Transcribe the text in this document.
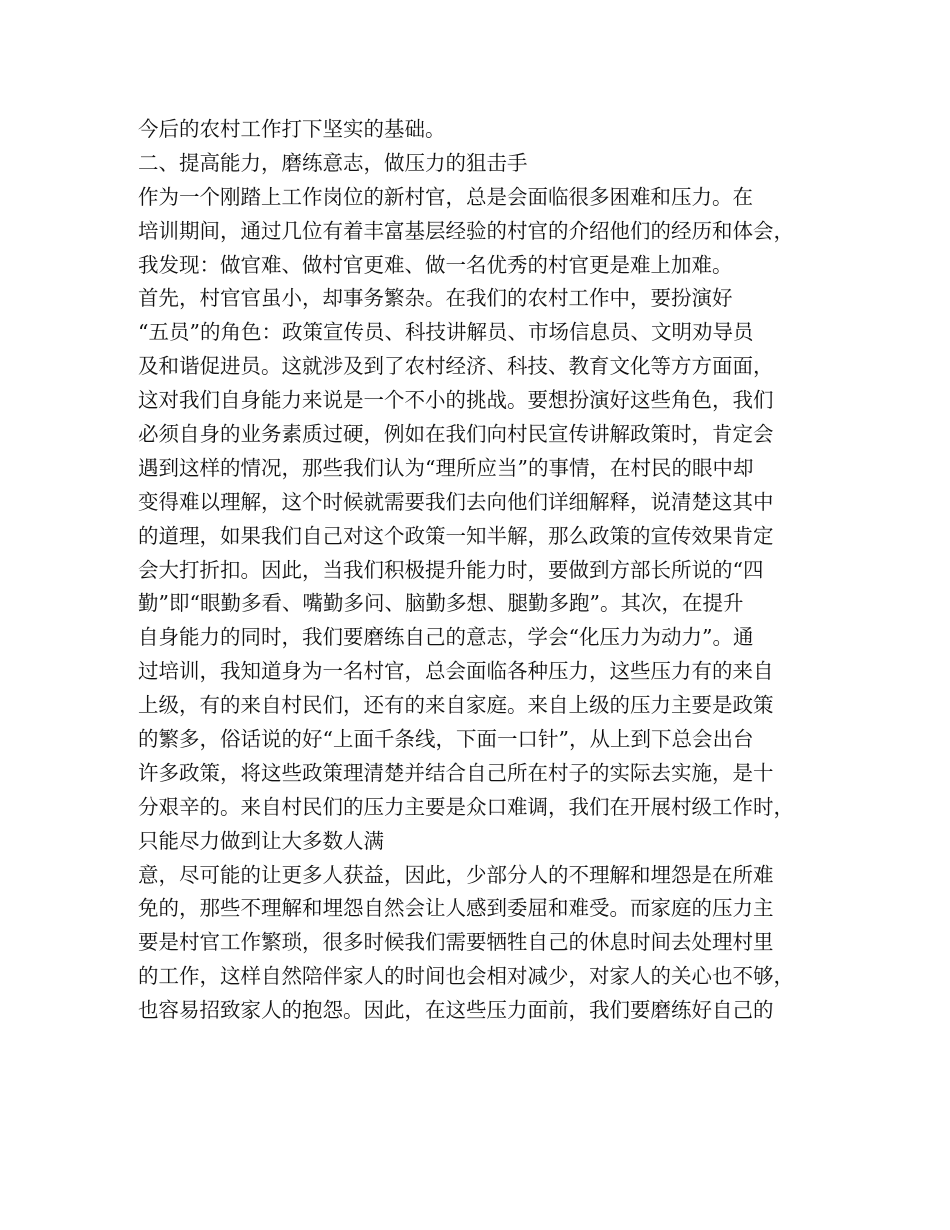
今后的农村工作打下坚实的基础。
二、提高能力，磨练意志，做压力的狙击手
作为一个刚踏上工作岗位的新村官，总是会面临很多困难和压力。在
培训期间，通过几位有着丰富基层经验的村官的介绍他们的经历和体会，
我发现：做官难、做村官更难、做一名优秀的村官更是难上加难。
首先，村官官虽小，却事务繁杂。在我们的农村工作中，要扮演好
“五员”的角色：政策宣传员、科技讲解员、市场信息员、文明劝导员
及和谐促进员。这就涉及到了农村经济、科技、教育文化等方方面面，
这对我们自身能力来说是一个不小的挑战。要想扮演好这些角色，我们
必须自身的业务素质过硬，例如在我们向村民宣传讲解政策时，肯定会
遇到这样的情况，那些我们认为“理所应当”的事情，在村民的眼中却
变得难以理解，这个时候就需要我们去向他们详细解释，说清楚这其中
的道理，如果我们自己对这个政策一知半解，那么政策的宣传效果肯定
会大打折扣。因此，当我们积极提升能力时，要做到方部长所说的“四
勤”即“眼勤多看、嘴勤多问、脑勤多想、腿勤多跑”。其次，在提升
自身能力的同时，我们要磨练自己的意志，学会“化压力为动力”。通
过培训，我知道身为一名村官，总会面临各种压力，这些压力有的来自
上级，有的来自村民们，还有的来自家庭。来自上级的压力主要是政策
的繁多，俗话说的好“上面千条线，下面一口针”，从上到下总会出台
许多政策，将这些政策理清楚并结合自己所在村子的实际去实施，是十
分艰辛的。来自村民们的压力主要是众口难调，我们在开展村级工作时，
只能尽力做到让大多数人满
意，尽可能的让更多人获益，因此，少部分人的不理解和埋怨是在所难
免的，那些不理解和埋怨自然会让人感到委屈和难受。而家庭的压力主
要是村官工作繁琐，很多时候我们需要牺牲自己的休息时间去处理村里
的工作，这样自然陪伴家人的时间也会相对减少，对家人的关心也不够，
也容易招致家人的抱怨。因此，在这些压力面前，我们要磨练好自己的
